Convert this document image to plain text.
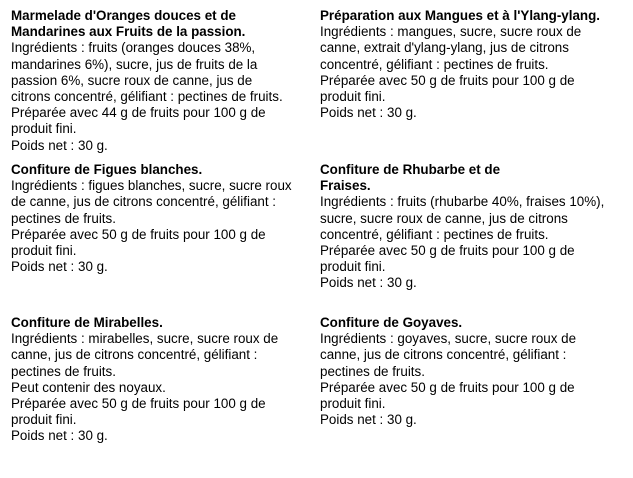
Marmelade d'Oranges douces et de
Mandarines aux Fruits de la passion.

Ingrédients : fruits (oranges douces 38%,
mandarines 6%), sucre, jus de fruits de la
passion 6%, sucre roux de canne, jus de
citrons concentré, gélifiant : pectines de fruits.

Préparée avec 44 g de fruits pour 100 g de
produit fini.

Poids net : 30 g.

Préparation aux Mangues et à l'Ylang-ylang.

Ingrédients : mangues, sucre, sucre roux de
canne, extrait d'ylang-ylang, jus de citrons
concentré, gélifiant : pectines de fruits.

Préparée avec 50 g de fruits pour 100 g de
produit fini.

Poids net : 30 g.

Confiture de Figues blanches.

Ingrédients : figues blanches, sucre, sucre roux
de canne, jus de citrons concentré, gélifiant :
pectines de fruits.

Préparée avec 50 g de fruits pour 100 g de
produit fini.

Poids net : 30 g.

Confiture de Rhubarbe et de
Fraises.

Ingrédients : fruits (rhubarbe 40%, fraises 10%),
sucre, sucre roux de canne, jus de citrons
concentré, gélifiant : pectines de fruits.

Préparée avec 50 g de fruits pour 100 g de
produit fini.

Poids net : 30 g.

Confiture de Mirabelles.

Ingrédients : mirabelles, sucre, sucre roux de
canne, jus de citrons concentré, gélifiant :
pectines de fruits.

Peut contenir des noyaux.

Préparée avec 50 g de fruits pour 100 g de
produit fini.

Poids net : 30 g.

Confiture de Goyaves.

Ingrédients : goyaves, sucre, sucre roux de
canne, jus de citrons concentré, gélifiant :
pectines de fruits.

Préparée avec 50 g de fruits pour 100 g de
produit fini.

Poids net : 30 g.
